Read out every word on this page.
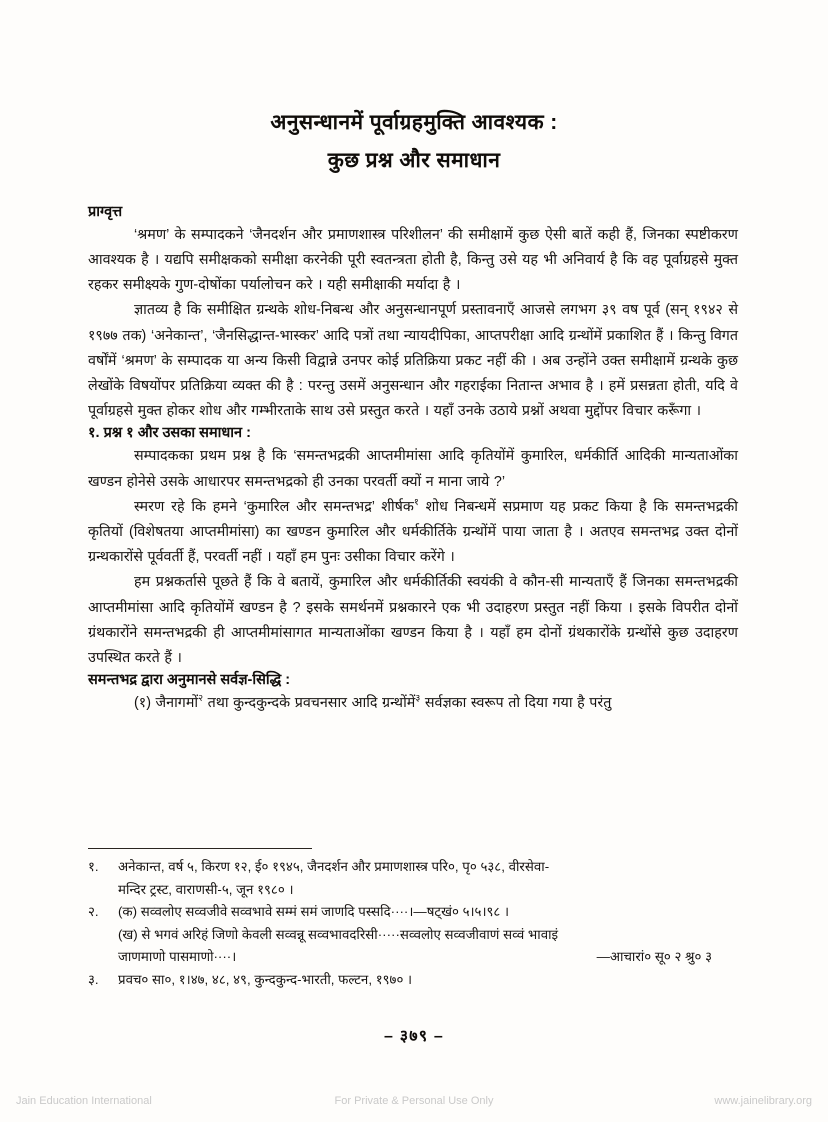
अनुसन्धानमें पूर्वाग्रहमुक्ति आवश्यक :
कुछ प्रश्न और समाधान
प्राग्वृत्त

‘श्रमण’ के सम्पादकने ‘जैनदर्शन और प्रमाणशास्त्र परिशीलन’ की समीक्षामें कुछ ऐसी बातें कही हैं, जिनका स्पष्टीकरण आवश्यक है । यद्यपि समीक्षकको समीक्षा करनेकी पूरी स्वतन्त्रता होती है, किन्तु उसे यह भी अनिवार्य है कि वह पूर्वाग्रहसे मुक्त रहकर समीक्ष्यके गुण-दोषोंका पर्यालोचन करे । यही समीक्षाकी मर्यादा है ।

ज्ञातव्य है कि समीक्षित ग्रन्थके शोध-निबन्ध और अनुसन्धानपूर्ण प्रस्तावनाएँ आजसे लगभग ३९ वष पूर्व (सन् १९४२ से १९७७ तक) ‘अनेकान्त’, ‘जैनसिद्धान्त-भास्कर’ आदि पत्रों तथा न्यायदीपिका, आप्तपरीक्षा आदि ग्रन्थोंमें प्रकाशित हैं । किन्तु विगत वर्षोंमें ‘श्रमण’ के सम्पादक या अन्य किसी विद्वान्ने उनपर कोई प्रतिक्रिया प्रकट नहीं की । अब उन्होंने उक्त समीक्षामें ग्रन्थके कुछ लेखोंके विषयोंपर प्रतिक्रिया व्यक्त की है : परन्तु उसमें अनुसन्धान और गहराईका नितान्त अभाव है । हमें प्रसन्नता होती, यदि वे पूर्वाग्रहसे मुक्त होकर शोध और गम्भीरताके साथ उसे प्रस्तुत करते । यहाँ उनके उठाये प्रश्नों अथवा मुद्दोंपर विचार करूँगा ।

१. प्रश्न १ और उसका समाधान :

सम्पादकका प्रथम प्रश्न है कि ‘समन्तभद्रकी आप्तमीमांसा आदि कृतियोंमें कुमारिल, धर्मकीर्ति आदिकी मान्यताओंका खण्डन होनेसे उसके आधारपर समन्तभद्रको ही उनका परवर्ती क्यों न माना जाये ?’

स्मरण रहे कि हमने ‘कुमारिल और समन्तभद्र’ शीर्षक$^१$ शोध निबन्धमें सप्रमाण यह प्रकट किया है कि समन्तभद्रकी कृतियों (विशेषतया आप्तमीमांसा) का खण्डन कुमारिल और धर्मकीर्तिके ग्रन्थोंमें पाया जाता है । अतएव समन्तभद्र उक्त दोनों ग्रन्थकारोंसे पूर्ववर्ती हैं, परवर्ती नहीं । यहाँ हम पुनः उसीका विचार करेंगे ।

हम प्रश्नकर्तासे पूछते हैं कि वे बतायें, कुमारिल और धर्मकीर्तिकी स्वयंकी वे कौन-सी मान्यताएँ हैं जिनका समन्तभद्रकी आप्तमीमांसा आदि कृतियोंमें खण्डन है ? इसके समर्थनमें प्रश्नकारने एक भी उदाहरण प्रस्तुत नहीं किया । इसके विपरीत दोनों ग्रंथकारोंने समन्तभद्रकी ही आप्तमीमांसागत मान्यताओंका खण्डन किया है । यहाँ हम दोनों ग्रंथकारोंके ग्रन्थोंसे कुछ उदाहरण उपस्थित करते हैं ।

समन्तभद्र द्वारा अनुमानसे सर्वज्ञ-सिद्धि :

(१) जैनागमों$^२$ तथा कुन्दकुन्दके प्रवचनसार आदि ग्रन्थोंमें$^३$ सर्वज्ञका स्वरूप तो दिया गया है परंतु

१.	अनेकान्त, वर्ष ५, किरण १२, ई० १९४५, जैनदर्शन और प्रमाणशास्त्र परि०, पृ० ५३८, वीरसेवा-
मन्दिर ट्रस्ट, वाराणसी-५, जून १९८० ।
२.	(क) सव्वलोए सव्वजीवे सव्वभावे सम्मं समं जाणदि पस्सदि····।—षट्खं० ५।५।९८ ।
(ख) से भगवं अरिहं जिणो केवली सव्वन्नू सव्वभावदरिसी·····सव्वलोए सव्वजीवाणं सव्वं भावाइं
जाणमाणो पासमाणो····।	—आचारां० सू० २ श्रु० ३
३.	प्रवच० सा०, १।४७, ४८, ४९, कुन्दकुन्द-भारती, फल्टन, १९७० ।
– ३७९ –
Jain Education International	For Private & Personal Use Only	www.jainelibrary.org
